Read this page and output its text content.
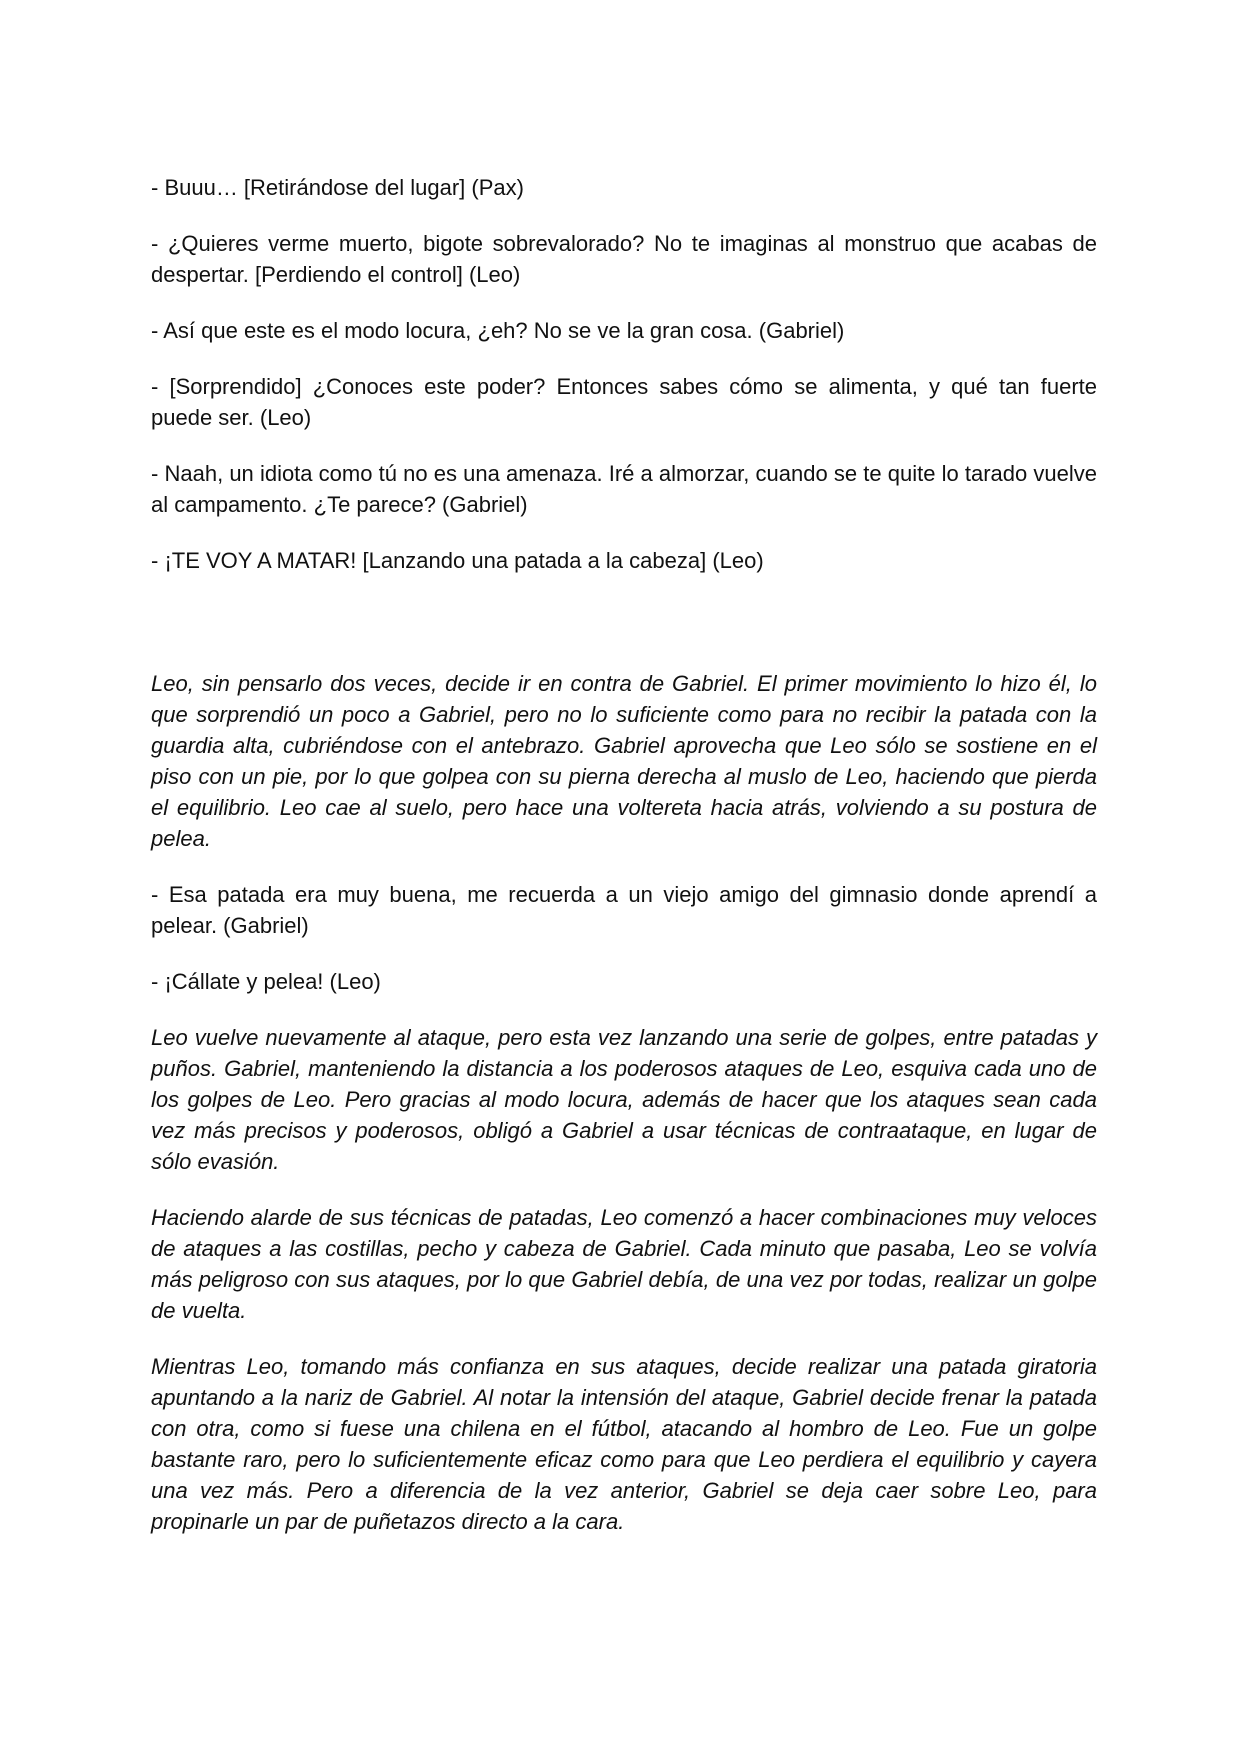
- Buuu… [Retirándose del lugar] (Pax)

- ¿Quieres verme muerto, bigote sobrevalorado? No te imaginas al monstruo que acabas de despertar. [Perdiendo el control] (Leo)

- Así que este es el modo locura, ¿eh? No se ve la gran cosa. (Gabriel)

- [Sorprendido] ¿Conoces este poder? Entonces sabes cómo se alimenta, y qué tan fuerte puede ser. (Leo)

- Naah, un idiota como tú no es una amenaza. Iré a almorzar, cuando se te quite lo tarado vuelve al campamento. ¿Te parece? (Gabriel)

- ¡TE VOY A MATAR! [Lanzando una patada a la cabeza] (Leo)

Leo, sin pensarlo dos veces, decide ir en contra de Gabriel. El primer movimiento lo hizo él, lo que sorprendió un poco a Gabriel, pero no lo suficiente como para no recibir la patada con la guardia alta, cubriéndose con el antebrazo. Gabriel aprovecha que Leo sólo se sostiene en el piso con un pie, por lo que golpea con su pierna derecha al muslo de Leo, haciendo que pierda el equilibrio. Leo cae al suelo, pero hace una voltereta hacia atrás, volviendo a su postura de pelea.

- Esa patada era muy buena, me recuerda a un viejo amigo del gimnasio donde aprendí a pelear. (Gabriel)

- ¡Cállate y pelea! (Leo)

Leo vuelve nuevamente al ataque, pero esta vez lanzando una serie de golpes, entre patadas y puños. Gabriel, manteniendo la distancia a los poderosos ataques de Leo, esquiva cada uno de los golpes de Leo. Pero gracias al modo locura, además de hacer que los ataques sean cada vez más precisos y poderosos, obligó a Gabriel a usar técnicas de contraataque, en lugar de sólo evasión.

Haciendo alarde de sus técnicas de patadas, Leo comenzó a hacer combinaciones muy veloces de ataques a las costillas, pecho y cabeza de Gabriel. Cada minuto que pasaba, Leo se volvía más peligroso con sus ataques, por lo que Gabriel debía, de una vez por todas, realizar un golpe de vuelta.

Mientras Leo, tomando más confianza en sus ataques, decide realizar una patada giratoria apuntando a la nariz de Gabriel. Al notar la intensión del ataque, Gabriel decide frenar la patada con otra, como si fuese una chilena en el fútbol, atacando al hombro de Leo. Fue un golpe bastante raro, pero lo suficientemente eficaz como para que Leo perdiera el equilibrio y cayera una vez más. Pero a diferencia de la vez anterior, Gabriel se deja caer sobre Leo, para propinarle un par de puñetazos directo a la cara.
